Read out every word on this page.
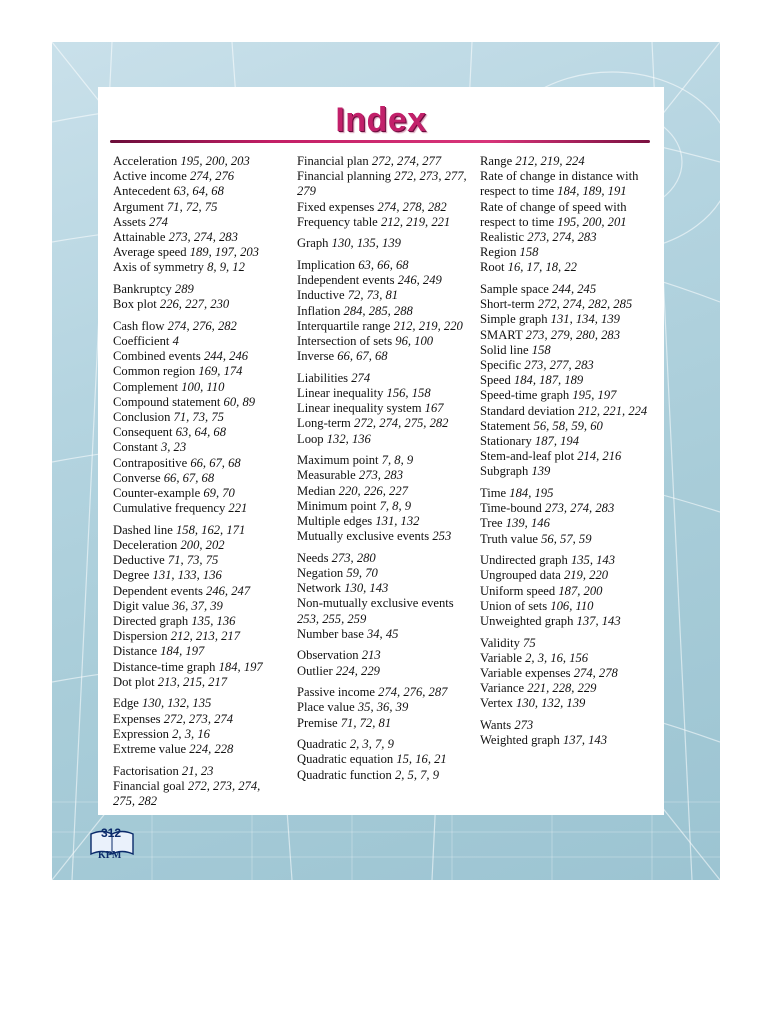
Index
Acceleration 195, 200, 203
Active income 274, 276
Antecedent 63, 64, 68
Argument 71, 72, 75
Assets 274
Attainable 273, 274, 283
Average speed 189, 197, 203
Axis of symmetry 8, 9, 12
Bankruptcy 289
Box plot 226, 227, 230
Cash flow 274, 276, 282
Coefficient 4
Combined events 244, 246
Common region 169, 174
Complement 100, 110
Compound statement 60, 89
Conclusion 71, 73, 75
Consequent 63, 64, 68
Constant 3, 23
Contrapositive 66, 67, 68
Converse 66, 67, 68
Counter-example 69, 70
Cumulative frequency 221
Dashed line 158, 162, 171
Deceleration 200, 202
Deductive 71, 73, 75
Degree 131, 133, 136
Dependent events 246, 247
Digit value 36, 37, 39
Directed graph 135, 136
Dispersion 212, 213, 217
Distance 184, 197
Distance-time graph 184, 197
Dot plot 213, 215, 217
Edge 130, 132, 135
Expenses 272, 273, 274
Expression 2, 3, 16
Extreme value 224, 228
Factorisation 21, 23
Financial goal 272, 273, 274, 275, 282
Financial plan 272, 274, 277
Financial planning 272, 273, 277, 279
Fixed expenses 274, 278, 282
Frequency table 212, 219, 221
Graph 130, 135, 139
Implication 63, 66, 68
Independent events 246, 249
Inductive 72, 73, 81
Inflation 284, 285, 288
Interquartile range 212, 219, 220
Intersection of sets 96, 100
Inverse 66, 67, 68
Liabilities 274
Linear inequality 156, 158
Linear inequality system 167
Long-term 272, 274, 275, 282
Loop 132, 136
Maximum point 7, 8, 9
Measurable 273, 283
Median 220, 226, 227
Minimum point 7, 8, 9
Multiple edges 131, 132
Mutually exclusive events 253
Needs 273, 280
Negation 59, 70
Network 130, 143
Non-mutually exclusive events 253, 255, 259
Number base 34, 45
Observation 213
Outlier 224, 229
Passive income 274, 276, 287
Place value 35, 36, 39
Premise 71, 72, 81
Quadratic 2, 3, 7, 9
Quadratic equation 15, 16, 21
Quadratic function 2, 5, 7, 9
Range 212, 219, 224
Rate of change in distance with respect to time 184, 189, 191
Rate of change of speed with respect to time 195, 200, 201
Realistic 273, 274, 283
Region 158
Root 16, 17, 18, 22
Sample space 244, 245
Short-term 272, 274, 282, 285
Simple graph 131, 134, 139
SMART 273, 279, 280, 283
Solid line 158
Specific 273, 277, 283
Speed 184, 187, 189
Speed-time graph 195, 197
Standard deviation 212, 221, 224
Statement 56, 58, 59, 60
Stationary 187, 194
Stem-and-leaf plot 214, 216
Subgraph 139
Time 184, 195
Time-bound 273, 274, 283
Tree 139, 146
Truth value 56, 57, 59
Undirected graph 135, 143
Ungrouped data 219, 220
Uniform speed 187, 200
Union of sets 106, 110
Unweighted graph 137, 143
Validity 75
Variable 2, 3, 16, 156
Variable expenses 274, 278
Variance 221, 228, 229
Vertex 130, 132, 139
Wants 273
Weighted graph 137, 143
312
KPM
